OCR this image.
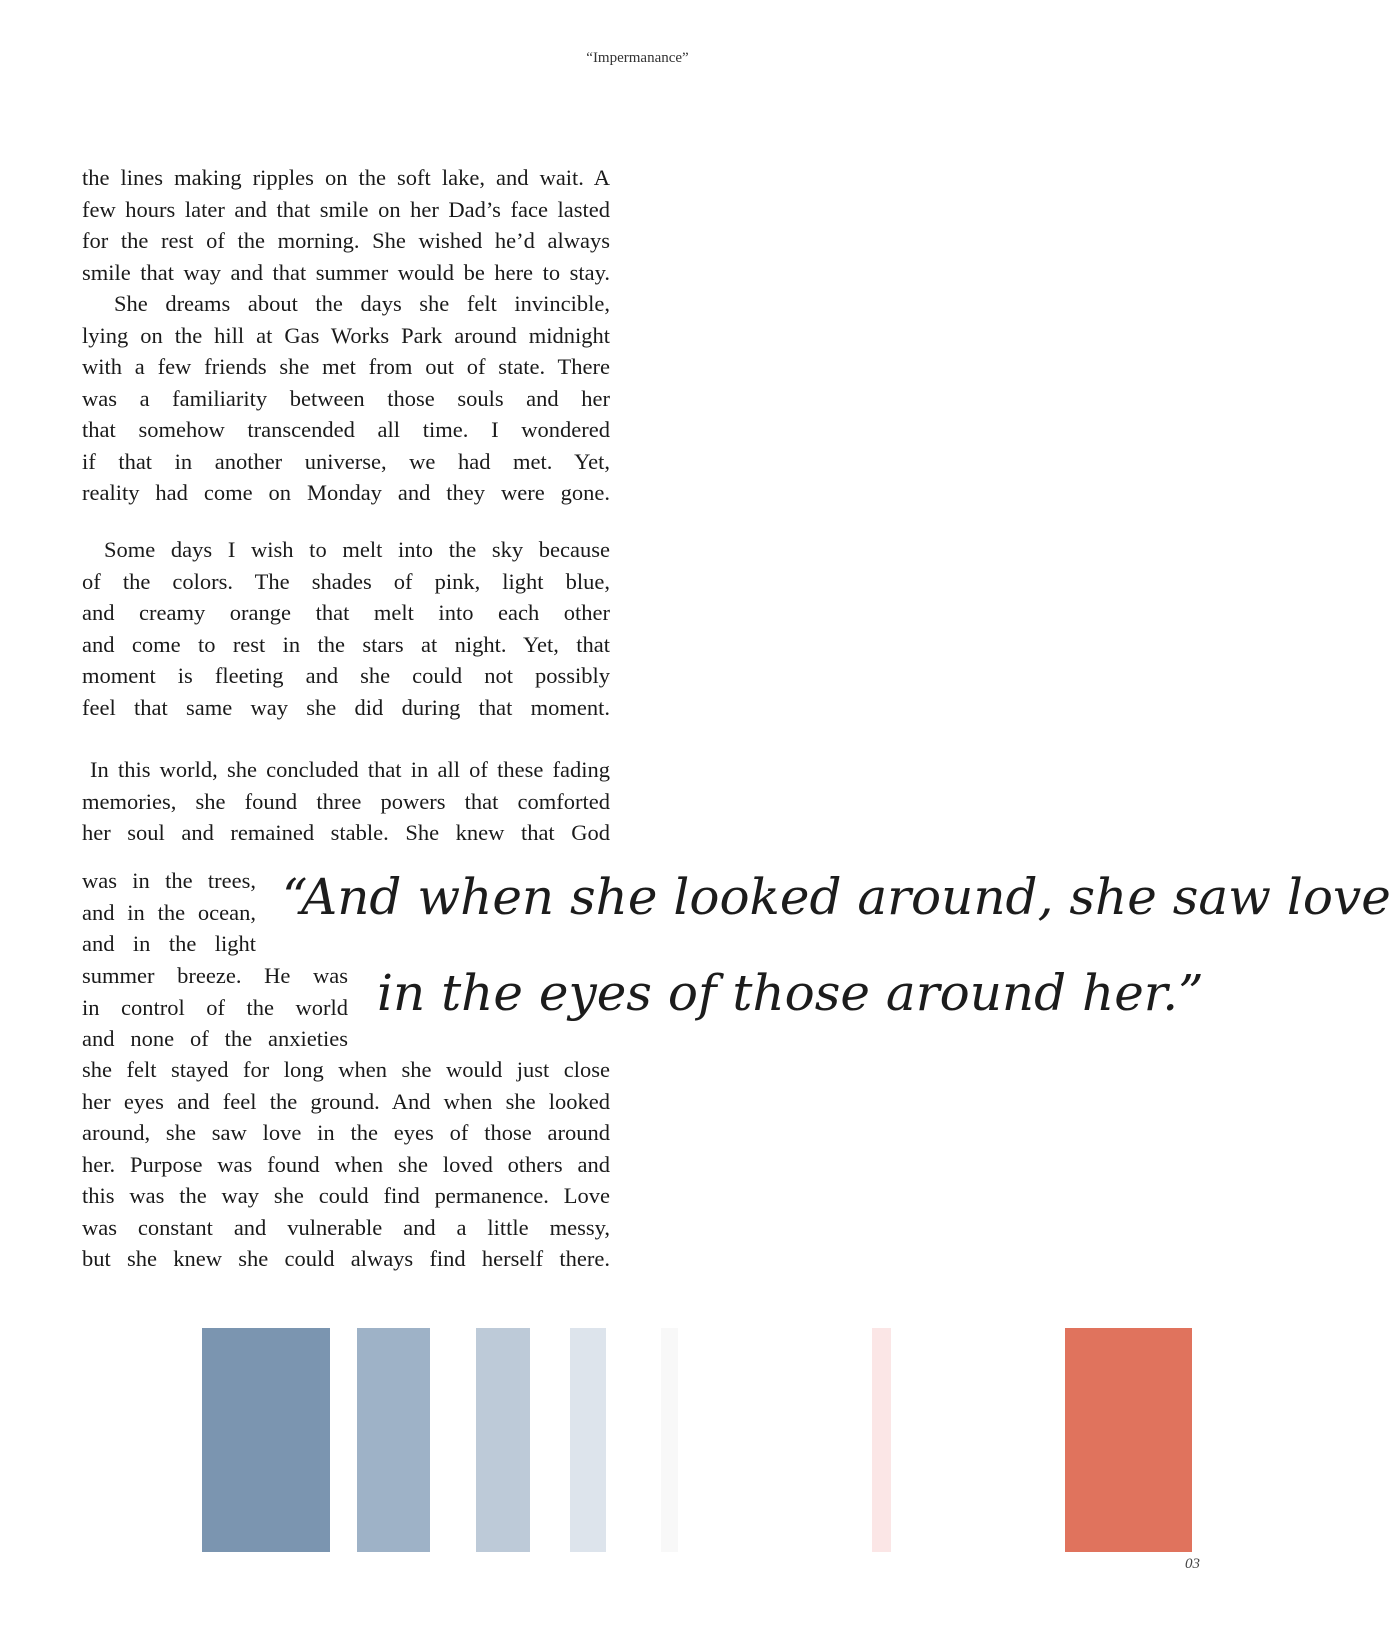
“Impermanance”

the lines making ripples on the soft lake, and wait. A
few hours later and that smile on her Dad’s face lasted
for the rest of the morning. She wished he’d always
smile that way and that summer would be here to stay.

She dreams about the days she felt invincible,
lying on the hill at Gas Works Park around midnight
with a few friends she met from out of state. There
was a familiarity between those souls and her
that somehow transcended all time. I wondered
if that in another universe, we had met. Yet,
reality had come on Monday and they were gone.

Some days I wish to melt into the sky because
of the colors. The shades of pink, light blue,
and creamy orange that melt into each other
and come to rest in the stars at night. Yet, that
moment is fleeting and she could not possibly
feel that same way she did during that moment.

In this world, she concluded that in all of these fading
memories, she found three powers that comforted
her soul and remained stable. She knew that God

was in the trees,
and in the ocean,
and in the light

summer breeze. He was
in control of the world
and none of the anxieties

she felt stayed for long when she would just close
her eyes and feel the ground. And when she looked
around, she saw love in the eyes of those around
her. Purpose was found when she loved others and
this was the way she could find permanence. Love
was constant and vulnerable and a little messy,
but she knew she could always find herself there.

“And when she looked around, she saw love
in the eyes of those around her.”
03
